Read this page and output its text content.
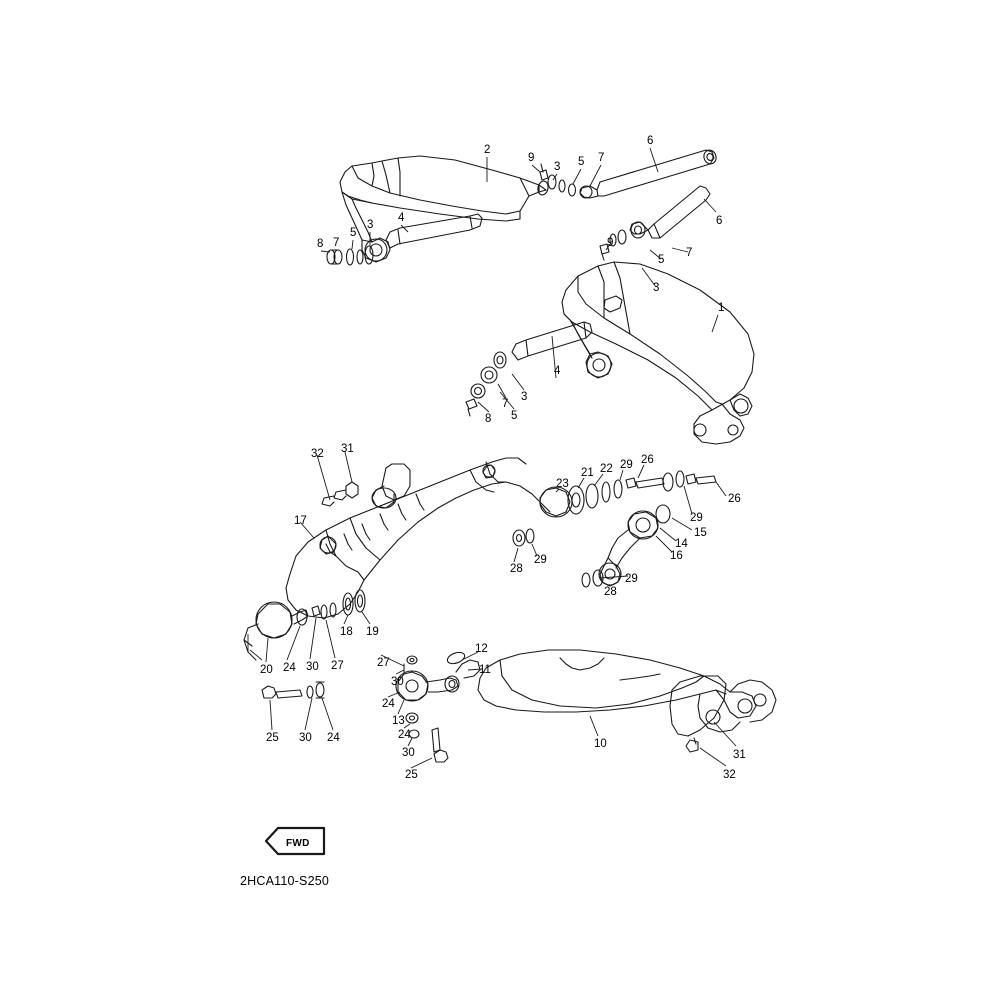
2
9
3 5 7
6
6
7
5
3
9
4
3
5
7
8
1
4
3
7
5
8
32 31
23
21 22 29 26
26
29
15
14
16
17
28
29
28
29
18 19
20 24 30 27	27
30
24
13
24
30
25
12
11
25 30 24	10
31
32
FWD
2HCA110-S250
